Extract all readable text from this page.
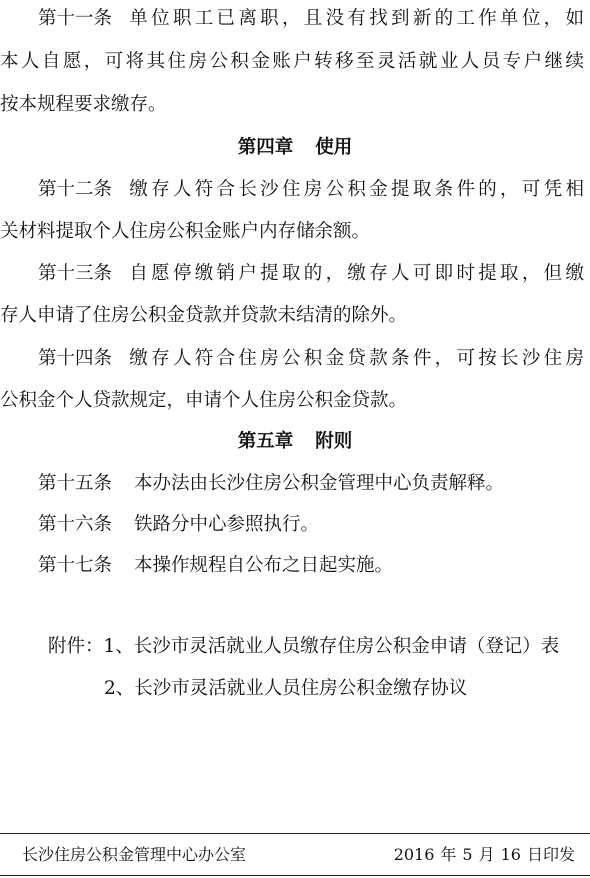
第十一条 单位职工已离职，且没有找到新的工作单位，如
本人自愿，可将其住房公积金账户转移至灵活就业人员专户继续
按本规程要求缴存。
第四章 使用
第十二条 缴存人符合长沙住房公积金提取条件的，可凭相
关材料提取个人住房公积金账户内存储余额。
第十三条 自愿停缴销户提取的，缴存人可即时提取，但缴
存人申请了住房公积金贷款并贷款未结清的除外。
第十四条 缴存人符合住房公积金贷款条件，可按长沙住房
公积金个人贷款规定，申请个人住房公积金贷款。
第五章 附则
第十五条 本办法由长沙住房公积金管理中心负责解释。
第十六条 铁路分中心参照执行。
第十七条 本操作规程自公布之日起实施。
附件：1、长沙市灵活就业人员缴存住房公积金申请（登记）表
2、长沙市灵活就业人员住房公积金缴存协议
长沙住房公积金管理中心办公室	2016 年 5 月 16 日印发
